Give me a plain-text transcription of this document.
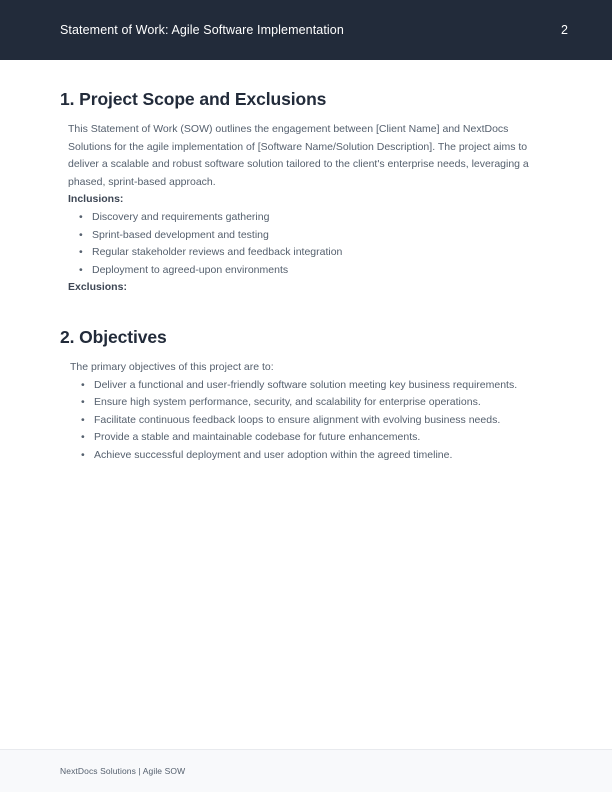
Statement of Work: Agile Software Implementation	2
1. Project Scope and Exclusions

This Statement of Work (SOW) outlines the engagement between [Client Name] and NextDocs Solutions for the agile implementation of [Software Name/Solution Description]. The project aims to deliver a scalable and robust software solution tailored to the client's enterprise needs, leveraging a phased, sprint-based approach.

Inclusions:

• Discovery and requirements gathering
• Sprint-based development and testing
• Regular stakeholder reviews and feedback integration
• Deployment to agreed-upon environments

Exclusions:

2. Objectives

The primary objectives of this project are to:

• Deliver a functional and user-friendly software solution meeting key business requirements.
• Ensure high system performance, security, and scalability for enterprise operations.
• Facilitate continuous feedback loops to ensure alignment with evolving business needs.
• Provide a stable and maintainable codebase for future enhancements.
• Achieve successful deployment and user adoption within the agreed timeline.
NextDocs Solutions | Agile SOW
